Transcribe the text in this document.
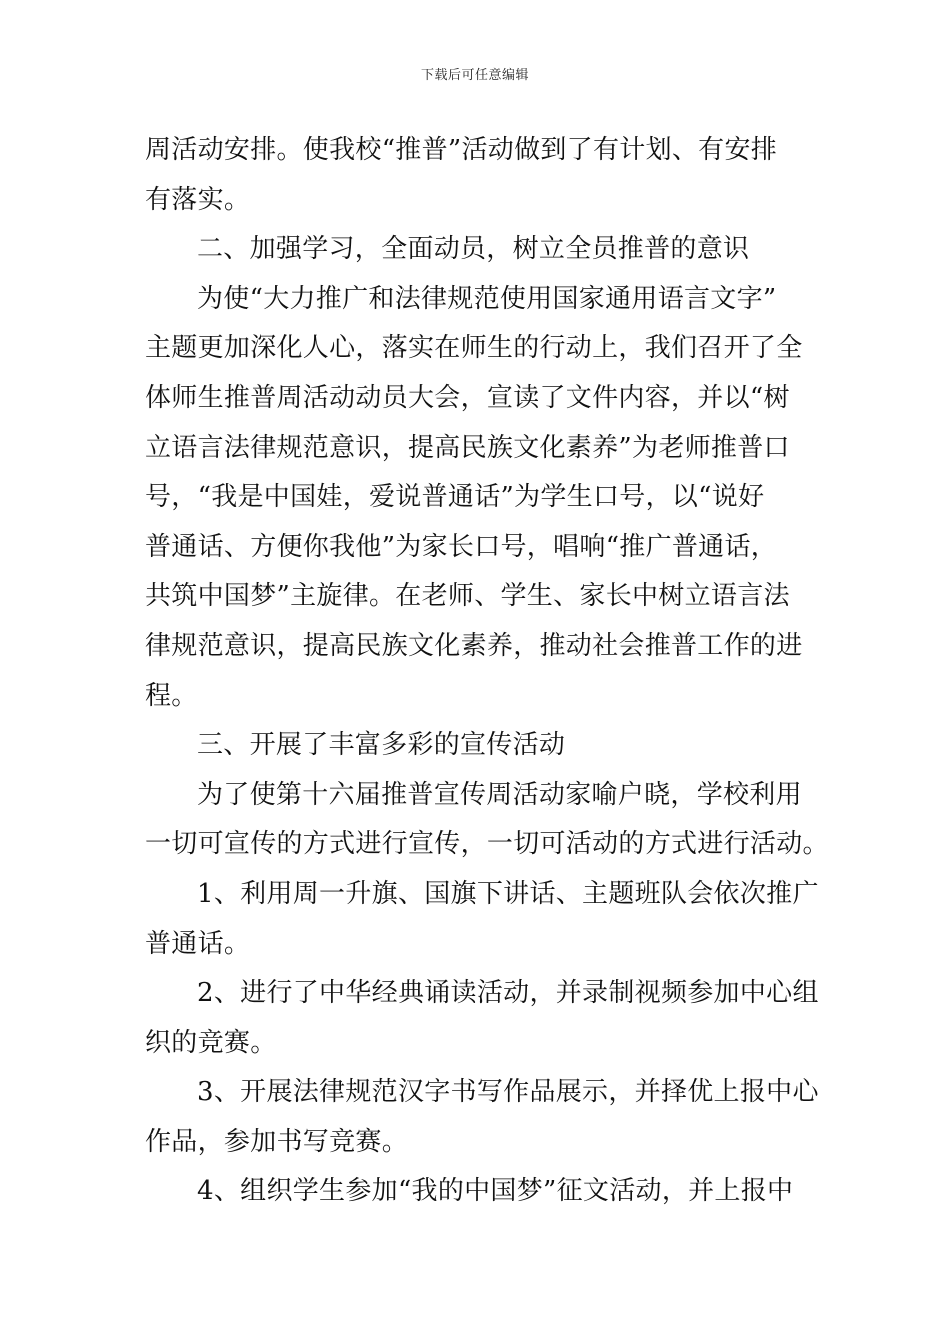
下载后可任意编辑
周活动安排。使我校“推普”活动做到了有计划、有安排
有落实。
二、加强学习，全面动员，树立全员推普的意识
为使“大力推广和法律规范使用国家通用语言文字”
主题更加深化人心，落实在师生的行动上，我们召开了全
体师生推普周活动动员大会，宣读了文件内容，并以“树
立语言法律规范意识，提高民族文化素养”为老师推普口
号，“我是中国娃，爱说普通话”为学生口号，以“说好
普通话、方便你我他”为家长口号，唱响“推广普通话，
共筑中国梦”主旋律。在老师、学生、家长中树立语言法
律规范意识，提高民族文化素养，推动社会推普工作的进
程。
三、开展了丰富多彩的宣传活动
为了使第十六届推普宣传周活动家喻户晓，学校利用
一切可宣传的方式进行宣传，一切可活动的方式进行活动。
1、利用周一升旗、国旗下讲话、主题班队会依次推广
普通话。
2、进行了中华经典诵读活动，并录制视频参加中心组
织的竞赛。
3、开展法律规范汉字书写作品展示，并择优上报中心
作品，参加书写竞赛。
4、组织学生参加“我的中国梦”征文活动，并上报中
